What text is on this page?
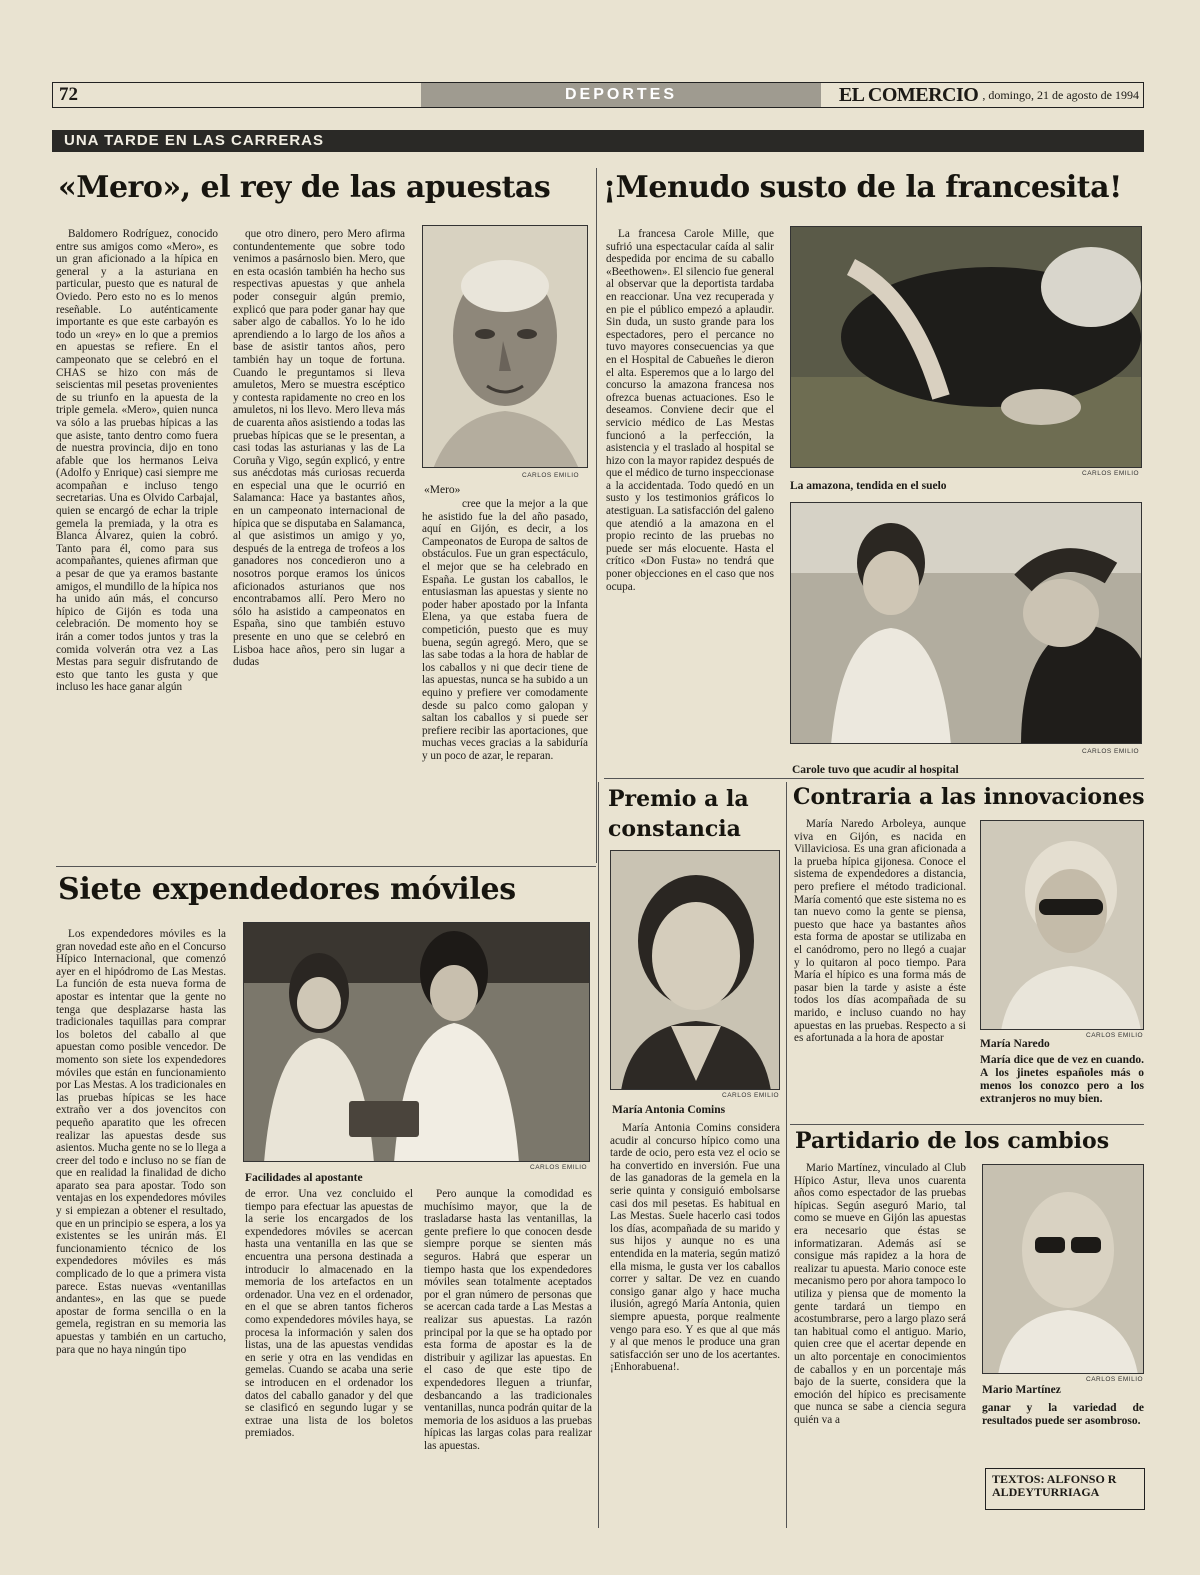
72	DEPORTES	EL COMERCIO , domingo, 21 de agosto de 1994
UNA TARDE EN LAS CARRERAS
«Mero», el rey de las apuestas

Baldomero Rodríguez, conocido entre sus amigos como «Mero», es un gran aficionado a la hípica en general y a la asturiana en particular, puesto que es natural de Oviedo. Pero esto no es lo menos reseñable. Lo auténticamente importante es que este carbayón es todo un «rey» en lo que a premios en apuestas se refiere. En el campeonato que se celebró en el CHAS se hizo con más de seiscientas mil pesetas provenientes de su triunfo en la apuesta de la triple gemela. «Mero», quien nunca va sólo a las pruebas hípicas a las que asiste, tanto dentro como fuera de nuestra provincia, dijo en tono afable que los hermanos Leiva (Adolfo y Enrique) casi siempre me acompañan e incluso tengo secretarias. Una es Olvido Carbajal, quien se encargó de echar la triple gemela la premiada, y la otra es Blanca Álvarez, quien la cobró. Tanto para él, como para sus acompañantes, quienes afirman que a pesar de que ya eramos bastante amigos, el mundillo de la hípica nos ha unido aún más, el concurso hípico de Gijón es toda una celebración. De momento hoy se irán a comer todos juntos y tras la comida volverán otra vez a Las Mestas para seguir disfrutando de esto que tanto les gusta y que incluso les hace ganar algún

que otro dinero, pero Mero afirma contundentemente que sobre todo venimos a pasárnoslo bien. Mero, que en esta ocasión también ha hecho sus respectivas apuestas y que anhela poder conseguir algún premio, explicó que para poder ganar hay que saber algo de caballos. Yo lo he ido aprendiendo a lo largo de los años a base de asistir tantos años, pero también hay un toque de fortuna. Cuando le preguntamos si lleva amuletos, Mero se muestra escéptico y contesta rapidamente no creo en los amuletos, ni los llevo. Mero lleva más de cuarenta años asistiendo a todas las pruebas hípicas que se le presentan, a casi todas las asturianas y las de La Coruña y Vigo, según explicó, y entre sus anécdotas más curiosas recuerda en especial una que le ocurrió en Salamanca: Hace ya bastantes años, en un campeonato internacional de hípica que se disputaba en Salamanca, al que asistimos un amigo y yo, después de la entrega de trofeos a los ganadores nos concedieron uno a nosotros porque eramos los únicos aficionados asturianos que nos encontrabamos allí. Pero Mero no sólo ha asistido a campeonatos en España, sino que también estuvo presente en uno que se celebró en Lisboa hace años, pero sin lugar a dudas

CARLOS EMILIO
«Mero»

cree que la mejor a la que he asistido fue la del año pasado, aquí en Gijón, es decir, a los Campeonatos de Europa de saltos de obstáculos. Fue un gran espectáculo, el mejor que se ha celebrado en España. Le gustan los caballos, le entusiasman las apuestas y siente no poder haber apostado por la Infanta Elena, ya que estaba fuera de competición, puesto que es muy buena, según agregó. Mero, que se las sabe todas a la hora de hablar de los caballos y ni que decir tiene de las apuestas, nunca se ha subido a un equino y prefiere ver comodamente desde su palco como galopan y saltan los caballos y si puede ser prefiere recibir las aportaciones, que muchas veces gracias a la sabiduría y un poco de azar, le reparan.

¡Menudo susto de la francesita!

La francesa Carole Mille, que sufrió una espectacular caída al salir despedida por encima de su caballo «Beethowen». El silencio fue general al observar que la deportista tardaba en reaccionar. Una vez recuperada y en pie el público empezó a aplaudir. Sin duda, un susto grande para los espectadores, pero el percance no tuvo mayores consecuencias ya que en el Hospital de Cabueñes le dieron el alta. Esperemos que a lo largo del concurso la amazona francesa nos ofrezca buenas actuaciones. Eso le deseamos. Conviene decir que el servicio médico de Las Mestas funcionó a la perfección, la asistencia y el traslado al hospital se hizo con la mayor rapidez después de que el médico de turno inspeccionase a la accidentada. Todo quedó en un susto y los testimonios gráficos lo atestiguan. La satisfacción del galeno que atendió a la amazona en el propio recinto de las pruebas no puede ser más elocuente. Hasta el crítico «Don Fusta» no tendrá que poner objecciones en el caso que nos ocupa.

CARLOS EMILIO
La amazona, tendida en el suelo
CARLOS EMILIO
Carole tuvo que acudir al hospital
Siete expendedores móviles

Los expendedores móviles es la gran novedad este año en el Concurso Hípico Internacional, que comenzó ayer en el hipódromo de Las Mestas. La función de esta nueva forma de apostar es intentar que la gente no tenga que desplazarse hasta las tradicionales taquillas para comprar los boletos del caballo al que apuestan como posible vencedor. De momento son siete los expendedores móviles que están en funcionamiento por Las Mestas. A los tradicionales en las pruebas hípicas se les hace extraño ver a dos jovencitos con pequeño aparatito que les ofrecen realizar las apuestas desde sus asientos. Mucha gente no se lo llega a creer del todo e incluso no se fían de que en realidad la finalidad de dicho aparato sea para apostar. Todo son ventajas en los expendedores móviles y si empiezan a obtener el resultado, que en un principio se espera, a los ya existentes se les unirán más. El funcionamiento técnico de los expendedores móviles es más complicado de lo que a primera vista parece. Estas nuevas «ventanillas andantes», en las que se puede apostar de forma sencilla o en la gemela, registran en su memoria las apuestas y también en un cartucho, para que no haya ningún tipo

CARLOS EMILIO
Facilidades al apostante

de error. Una vez concluido el tiempo para efectuar las apuestas de la serie los encargados de los expendedores móviles se acercan hasta una ventanilla en las que se encuentra una persona destinada a introducir lo almacenado en la memoria de los artefactos en un ordenador. Una vez en el ordenador, en el que se abren tantos ficheros como expendedores móviles haya, se procesa la información y salen dos listas, una de las apuestas vendidas en serie y otra en las vendidas en gemelas. Cuando se acaba una serie se introducen en el ordenador los datos del caballo ganador y del que se clasificó en segundo lugar y se extrae una lista de los boletos premiados.

Pero aunque la comodidad es muchísimo mayor, que la de trasladarse hasta las ventanillas, la gente prefiere lo que conocen desde siempre porque se sienten más seguros. Habrá que esperar un tiempo hasta que los expendedores móviles sean totalmente aceptados por el gran número de personas que se acercan cada tarde a Las Mestas a realizar sus apuestas. La razón principal por la que se ha optado por esta forma de apostar es la de distribuir y agilizar las apuestas. En el caso de que este tipo de expendedores lleguen a triunfar, desbancando a las tradicionales ventanillas, nunca podrán quitar de la memoria de los asiduos a las pruebas hípicas las largas colas para realizar las apuestas.

Premio a la constancia
CARLOS EMILIO
María Antonia Comins

María Antonia Comins considera acudir al concurso hípico como una tarde de ocio, pero esta vez el ocio se ha convertido en inversión. Fue una de las ganadoras de la gemela en la serie quinta y consiguió embolsarse casi dos mil pesetas. Es habitual en Las Mestas. Suele hacerlo casi todos los días, acompañada de su marido y sus hijos y aunque no es una entendida en la materia, según matizó ella misma, le gusta ver los caballos correr y saltar. De vez en cuando consigo ganar algo y hace mucha ilusión, agregó María Antonia, quien siempre apuesta, porque realmente vengo para eso. Y es que al que más y al que menos le produce una gran satisfacción ser uno de los acertantes. ¡Enhorabuena!.

Contraria a las innovaciones

María Naredo Arboleya, aunque viva en Gijón, es nacida en Villaviciosa. Es una gran aficionada a la prueba hípica gijonesa. Conoce el sistema de expendedores a distancia, pero prefiere el método tradicional. María comentó que este sistema no es tan nuevo como la gente se piensa, puesto que hace ya bastantes años esta forma de apostar se utilizaba en el canódromo, pero no llegó a cuajar y lo quitaron al poco tiempo. Para María el hípico es una forma más de pasar bien la tarde y asiste a éste todos los días acompañada de su marido, e incluso cuando no hay apuestas en las pruebas. Respecto a si es afortunada a la hora de apostar	CARLOS EMILIO
María Naredo

María dice que de vez en cuando. A los jinetes españoles más o menos los conozco pero a los extranjeros no muy bien.

Partidario de los cambios

Mario Martínez, vinculado al Club Hípico Astur, lleva unos cuarenta años como espectador de las pruebas hípicas. Según aseguró Mario, tal como se mueve en Gijón las apuestas era necesario que éstas se informatizaran. Además así se consigue más rapidez a la hora de realizar tu apuesta. Mario conoce este mecanismo pero por ahora tampoco lo utiliza y piensa que de momento la gente tardará un tiempo en acostumbrarse, pero a largo plazo será tan habitual como el antiguo. Mario, quien cree que el acertar depende en un alto porcentaje en conocimientos de caballos y en un porcentaje más bajo de la suerte, considera que la emoción del hípico es precisamente que nunca se sabe a ciencia segura quién va a

CARLOS EMILIO
Mario Martínez

ganar y la variedad de resultados puede ser asombroso.

TEXTOS: ALFONSO R ALDEYTURRIAGA
